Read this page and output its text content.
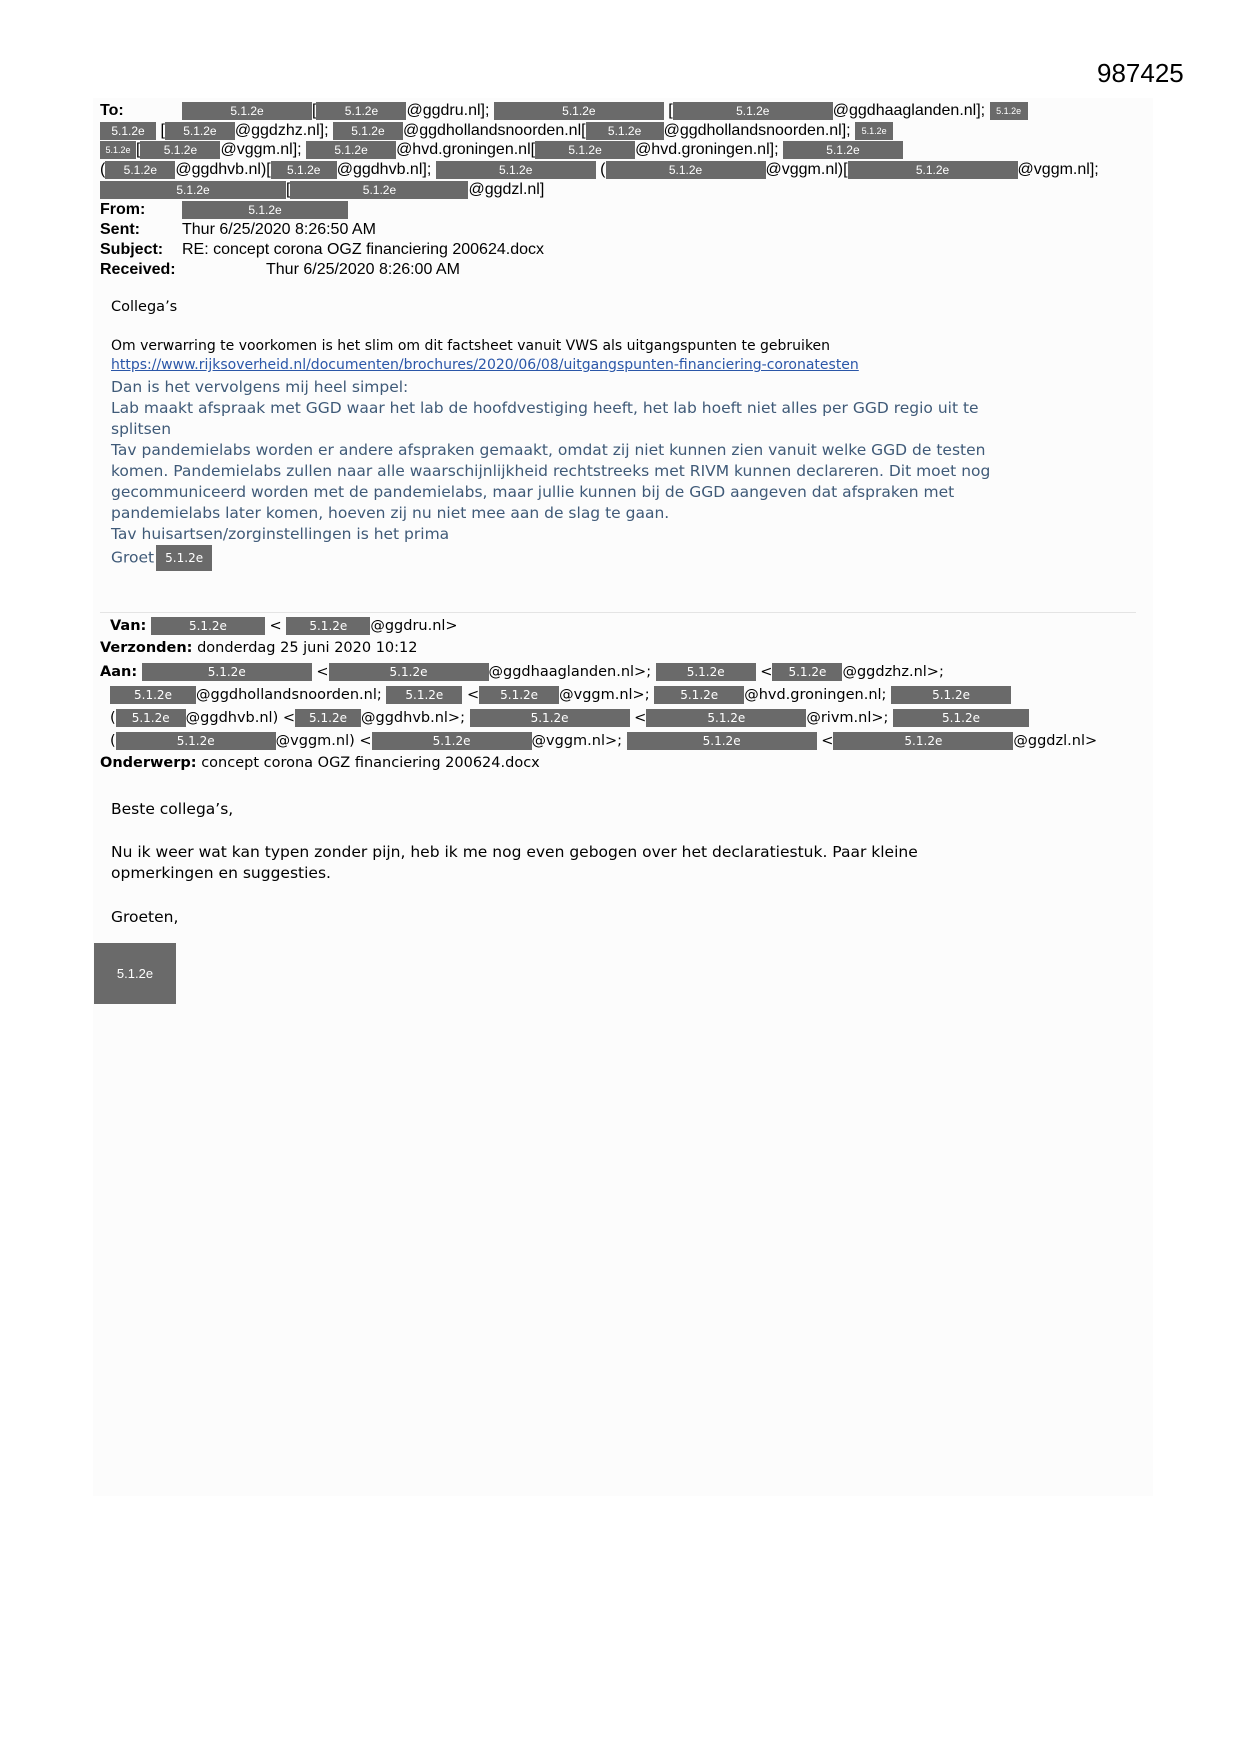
987425
To:	5.1.2e	[ 5.1.2e @ggdru.nl];	5.1.2e	[	5.1.2e	@ggdhaaglanden.nl]; 5.1.2e
5.1.2e [ 5.1.2e @ggdzhz.nl]; 5.1.2e @ggdhollandsnoorden.nl[ 5.1.2e @ggdhollandsnoorden.nl]; 5.1.2e
5.1.2e [ 5.1.2e @vggm.nl];	5.1.2e @hvd.groningen.nl[	5.1.2e @hvd.groningen.nl];	5.1.2e
( 5.1.2e @ggdhvb.nl)[ 5.1.2e @ggdhvb.nl];	5.1.2e	(	5.1.2e	@vggm.nl)[	5.1.2e	@vggm.nl];
5.1.2e	[	5.1.2e	@ggdzl.nl]
From:	5.1.2e
Sent:	Thur 6/25/2020 8:26:50 AM
Subject: RE: concept corona OGZ financiering 200624.docx
Received:	Thur 6/25/2020 8:26:00 AM
Collega’s
Om verwarring te voorkomen is het slim om dit factsheet vanuit VWS als uitgangspunten te gebruiken
https://www.rijksoverheid.nl/documenten/brochures/2020/06/08/uitgangspunten-financiering-coronatesten
Dan is het vervolgens mij heel simpel:
Lab maakt afspraak met GGD waar het lab de hoofdvestiging heeft, het lab hoeft niet alles per GGD regio uit te
splitsen
Tav pandemielabs worden er andere afspraken gemaakt, omdat zij niet kunnen zien vanuit welke GGD de testen
komen. Pandemielabs zullen naar alle waarschijnlijkheid rechtstreeks met RIVM kunnen declareren. Dit moet nog
gecommuniceerd worden met de pandemielabs, maar jullie kunnen bij de GGD aangeven dat afspraken met
pandemielabs later komen, hoeven zij nu niet mee aan de slag te gaan.
Tav huisartsen/zorginstellingen is het prima
Groet 5.1.2e
Van:	5.1.2e	< 5.1.2e @ggdru.nl>
Verzonden: donderdag 25 juni 2020 10:12
Aan:	5.1.2e	<	5.1.2e	@ggdhaaglanden.nl>;	5.1.2e < 5.1.2e @ggdzhz.nl>;
5.1.2e @ggdhollandsnoorden.nl; 5.1.2e < 5.1.2e @vggm.nl>;	5.1.2e @hvd.groningen.nl;	5.1.2e
( 5.1.2e @ggdhvb.nl) < 5.1.2e @ggdhvb.nl>;	5.1.2e	<	5.1.2e	@rivm.nl>;	5.1.2e
(	5.1.2e	@vggm.nl) <	5.1.2e	@vggm.nl>;	5.1.2e	<	5.1.2e	@ggdzl.nl>
Onderwerp: concept corona OGZ financiering 200624.docx
Beste collega’s,
Nu ik weer wat kan typen zonder pijn, heb ik me nog even gebogen over het declaratiestuk. Paar kleine
opmerkingen en suggesties.
Groeten,
5.1.2e
